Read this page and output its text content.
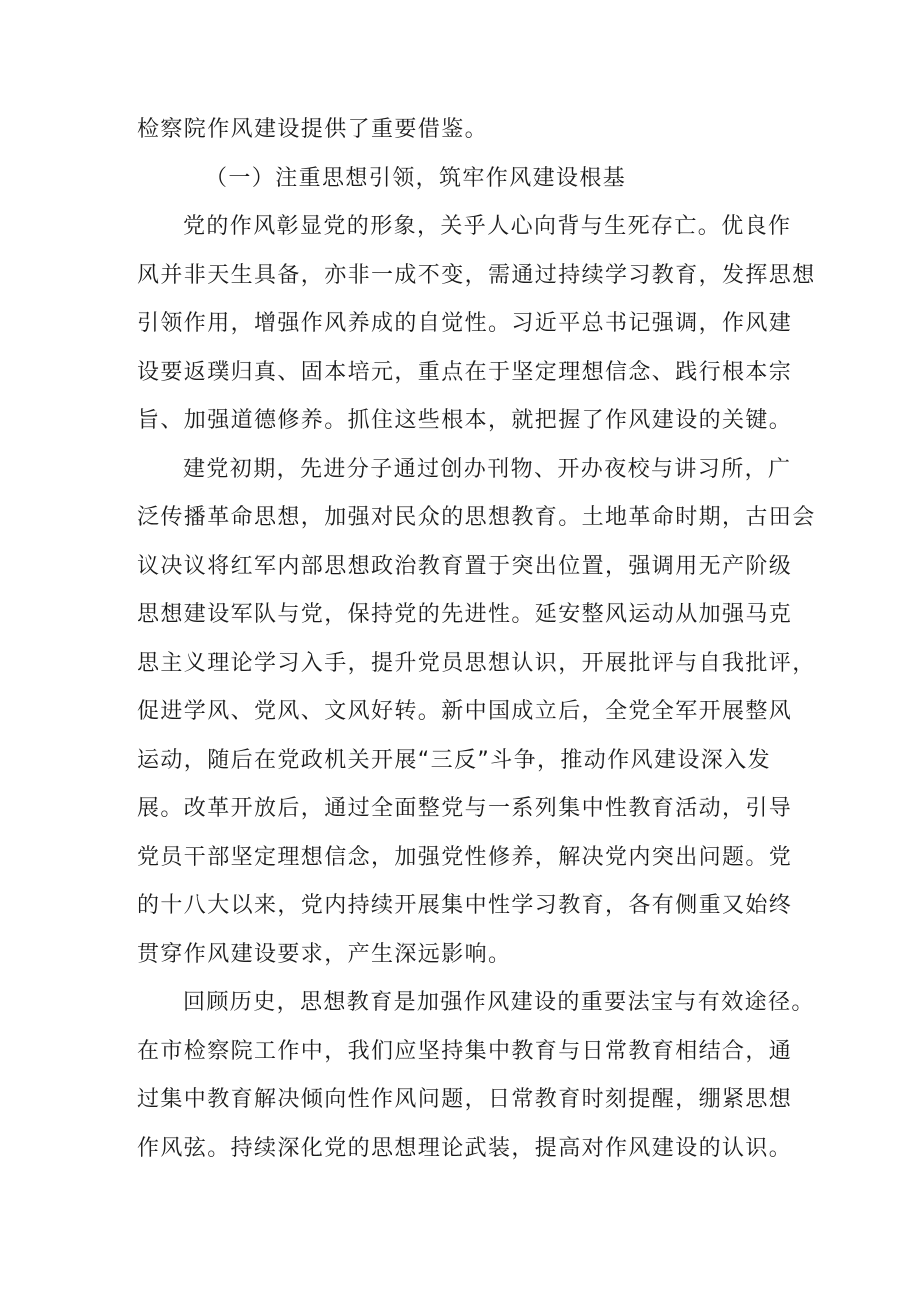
检察院作风建设提供了重要借鉴。
（一）注重思想引领，筑牢作风建设根基
党的作风彰显党的形象，关乎人心向背与生死存亡。优良作
风并非天生具备，亦非一成不变，需通过持续学习教育，发挥思想
引领作用，增强作风养成的自觉性。习近平总书记强调，作风建
设要返璞归真、固本培元，重点在于坚定理想信念、践行根本宗
旨、加强道德修养。抓住这些根本，就把握了作风建设的关键。
建党初期，先进分子通过创办刊物、开办夜校与讲习所，广
泛传播革命思想，加强对民众的思想教育。土地革命时期，古田会
议决议将红军内部思想政治教育置于突出位置，强调用无产阶级
思想建设军队与党，保持党的先进性。延安整风运动从加强马克
思主义理论学习入手，提升党员思想认识，开展批评与自我批评，
促进学风、党风、文风好转。新中国成立后，全党全军开展整风
运动，随后在党政机关开展“三反”斗争，推动作风建设深入发
展。改革开放后，通过全面整党与一系列集中性教育活动，引导
党员干部坚定理想信念，加强党性修养，解决党内突出问题。党
的十八大以来，党内持续开展集中性学习教育，各有侧重又始终
贯穿作风建设要求，产生深远影响。
回顾历史，思想教育是加强作风建设的重要法宝与有效途径。
在市检察院工作中，我们应坚持集中教育与日常教育相结合，通
过集中教育解决倾向性作风问题，日常教育时刻提醒，绷紧思想
作风弦。持续深化党的思想理论武装，提高对作风建设的认识。
